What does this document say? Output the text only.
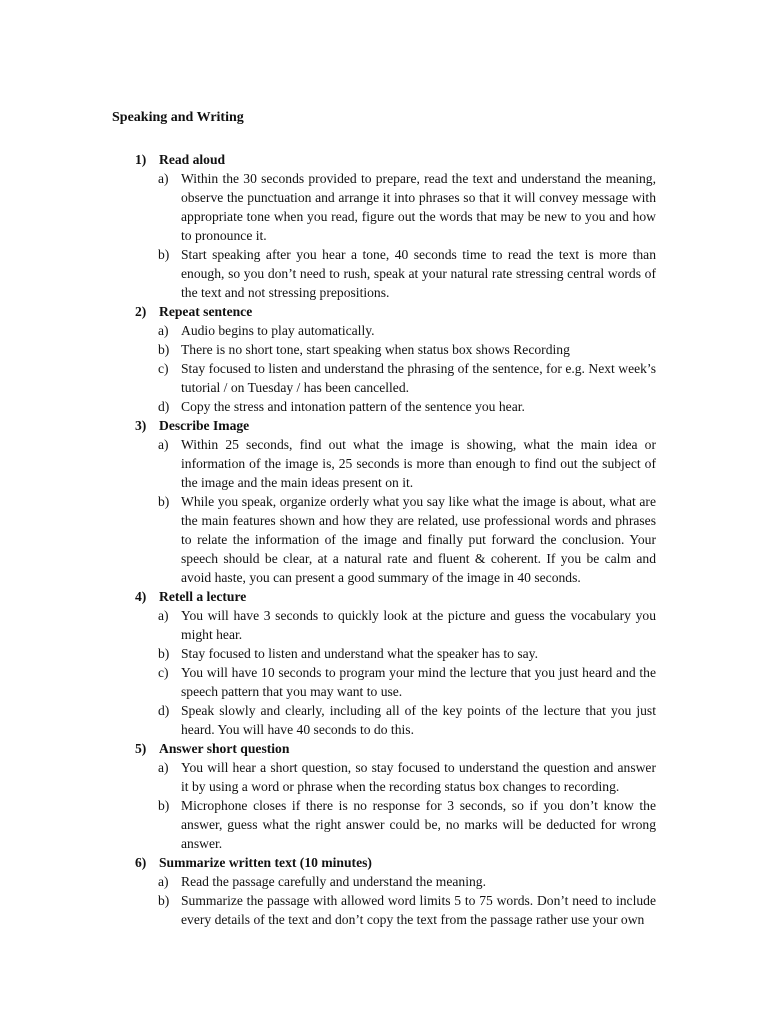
Speaking and Writing
1) Read aloud
a) Within the 30 seconds provided to prepare, read the text and understand the meaning, observe the punctuation and arrange it into phrases so that it will convey message with appropriate tone when you read, figure out the words that may be new to you and how to pronounce it.
b) Start speaking after you hear a tone, 40 seconds time to read the text is more than enough, so you don’t need to rush, speak at your natural rate stressing central words of the text and not stressing prepositions.
2) Repeat sentence
a) Audio begins to play automatically.
b) There is no short tone, start speaking when status box shows Recording
c) Stay focused to listen and understand the phrasing of the sentence, for e.g. Next week’s tutorial / on Tuesday / has been cancelled.
d) Copy the stress and intonation pattern of the sentence you hear.
3) Describe Image
a) Within 25 seconds, find out what the image is showing, what the main idea or information of the image is, 25 seconds is more than enough to find out the subject of the image and the main ideas present on it.
b) While you speak, organize orderly what you say like what the image is about, what are the main features shown and how they are related, use professional words and phrases to relate the information of the image and finally put forward the conclusion. Your speech should be clear, at a natural rate and fluent & coherent. If you be calm and avoid haste, you can present a good summary of the image in 40 seconds.
4) Retell a lecture
a) You will have 3 seconds to quickly look at the picture and guess the vocabulary you might hear.
b) Stay focused to listen and understand what the speaker has to say.
c) You will have 10 seconds to program your mind the lecture that you just heard and the speech pattern that you may want to use.
d) Speak slowly and clearly, including all of the key points of the lecture that you just heard. You will have 40 seconds to do this.
5) Answer short question
a) You will hear a short question, so stay focused to understand the question and answer it by using a word or phrase when the recording status box changes to recording.
b) Microphone closes if there is no response for 3 seconds, so if you don’t know the answer, guess what the right answer could be, no marks will be deducted for wrong answer.
6) Summarize written text (10 minutes)
a) Read the passage carefully and understand the meaning.
b) Summarize the passage with allowed word limits 5 to 75 words. Don’t need to include every details of the text and don’t copy the text from the passage rather use your own
